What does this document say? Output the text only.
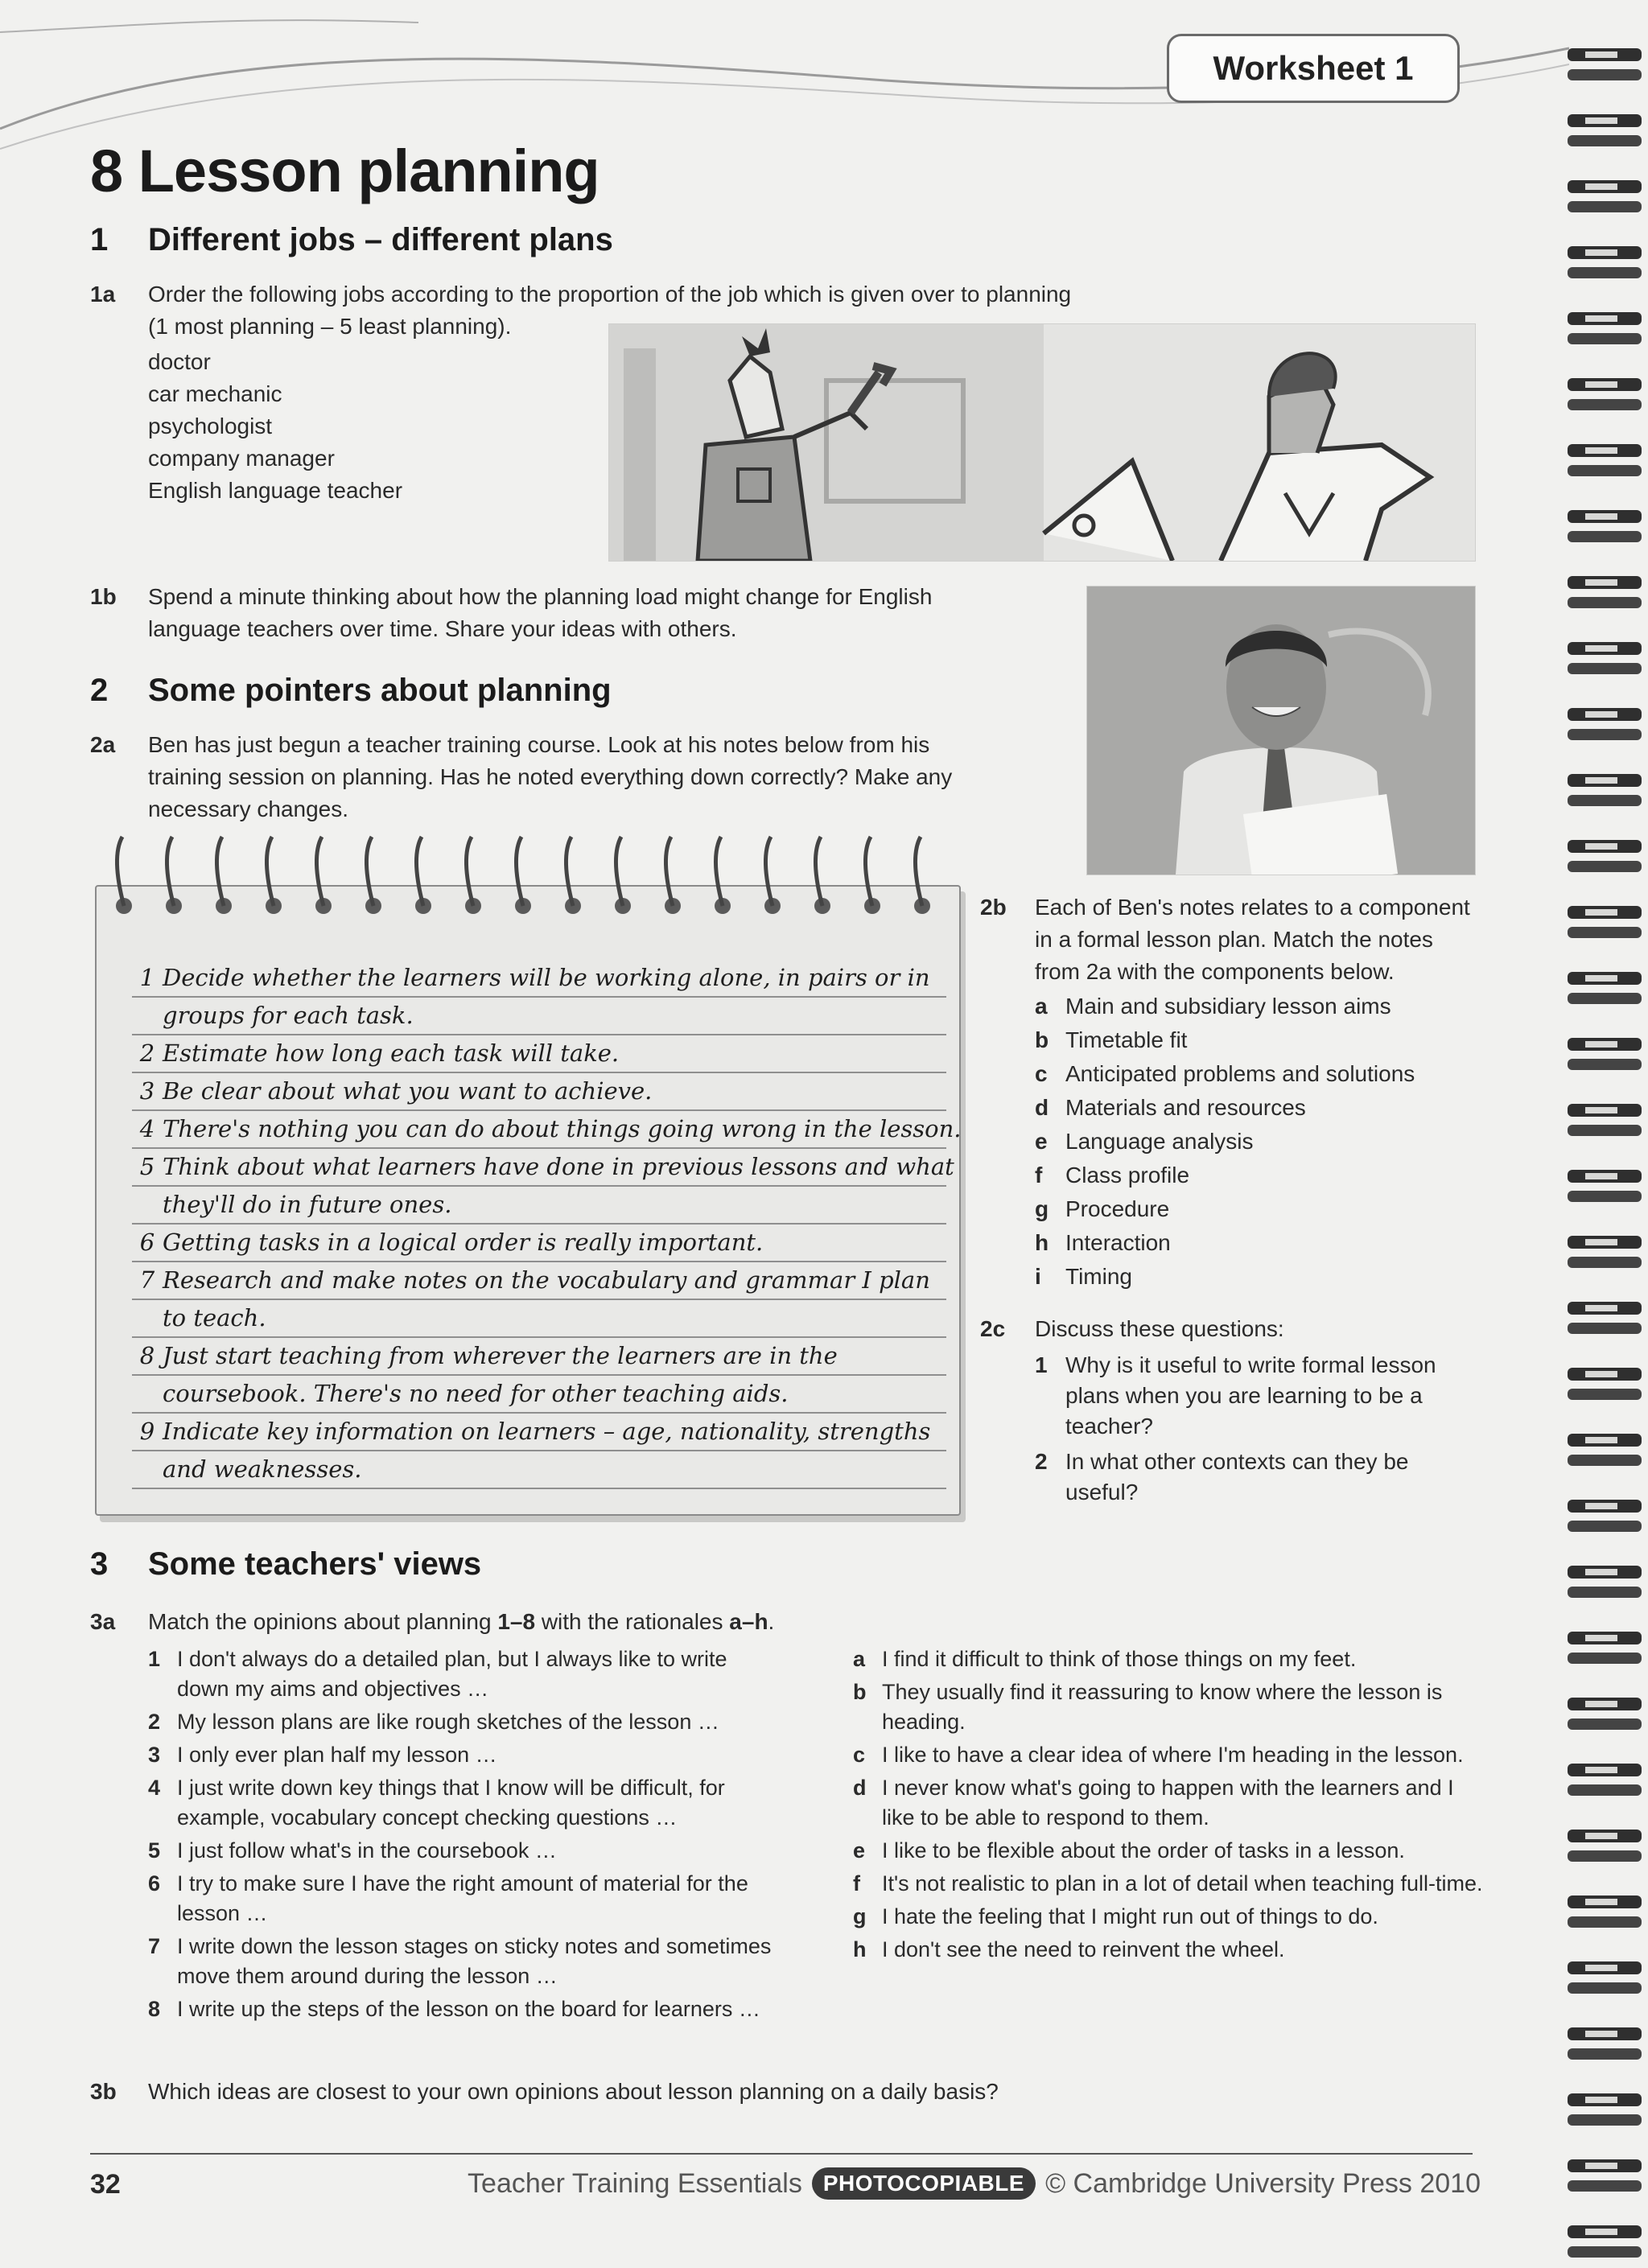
Worksheet 1
8 Lesson planning
1 Different jobs – different plans
1a Order the following jobs according to the proportion of the job which is given over to planning
(1 most planning – 5 least planning).
doctor
car mechanic
psychologist
company manager
English language teacher
1b Spend a minute thinking about how the planning load might change for English
language teachers over time. Share your ideas with others.
2 Some pointers about planning
2a Ben has just begun a teacher training course. Look at his notes below from his
training session on planning. Has he noted everything down correctly? Make any
necessary changes.
1 Decide whether the learners will be working alone, in pairs or in
groups for each task.
2 Estimate how long each task will take.
3 Be clear about what you want to achieve.
4 There's nothing you can do about things going wrong in the lesson.
5 Think about what learners have done in previous lessons and what
they'll do in future ones.
6 Getting tasks in a logical order is really important.
7 Research and make notes on the vocabulary and grammar I plan
to teach.
8 Just start teaching from wherever the learners are in the
coursebook. There's no need for other teaching aids.
9 Indicate key information on learners – age, nationality, strengths
and weaknesses.
2b Each of Ben's notes relates to a component
in a formal lesson plan. Match the notes
from 2a with the components below.
a Main and subsidiary lesson aims
b Timetable fit
c Anticipated problems and solutions
d Materials and resources
e Language analysis
f Class profile
g Procedure
h Interaction
i Timing
2c Discuss these questions:
1 Why is it useful to write formal lesson plans when you are learning to be a teacher?
2 In what other contexts can they be useful?
3 Some teachers' views
3a	Match the opinions about planning 1–8 with the rationales a–h.
1 I don't always do a detailed plan, but I always like to write down my aims and objectives …
2 My lesson plans are like rough sketches of the lesson …
3 I only ever plan half my lesson …
4 I just write down key things that I know will be difficult, for example, vocabulary concept checking questions …
5 I just follow what's in the coursebook …
6 I try to make sure I have the right amount of material for the lesson …
7 I write down the lesson stages on sticky notes and sometimes move them around during the lesson …
8 I write up the steps of the lesson on the board for learners …
a I find it difficult to think of those things on my feet.
b They usually find it reassuring to know where the lesson is heading.
c I like to have a clear idea of where I'm heading in the lesson.
d I never know what's going to happen with the learners and I like to be able to respond to them.
e I like to be flexible about the order of tasks in a lesson.
f It's not realistic to plan in a lot of detail when teaching full-time.
g I hate the feeling that I might run out of things to do.
h I don't see the need to reinvent the wheel.
3b	Which ideas are closest to your own opinions about lesson planning on a daily basis?
32	Teacher Training Essentials PHOTOCOPIABLE © Cambridge University Press 2010
